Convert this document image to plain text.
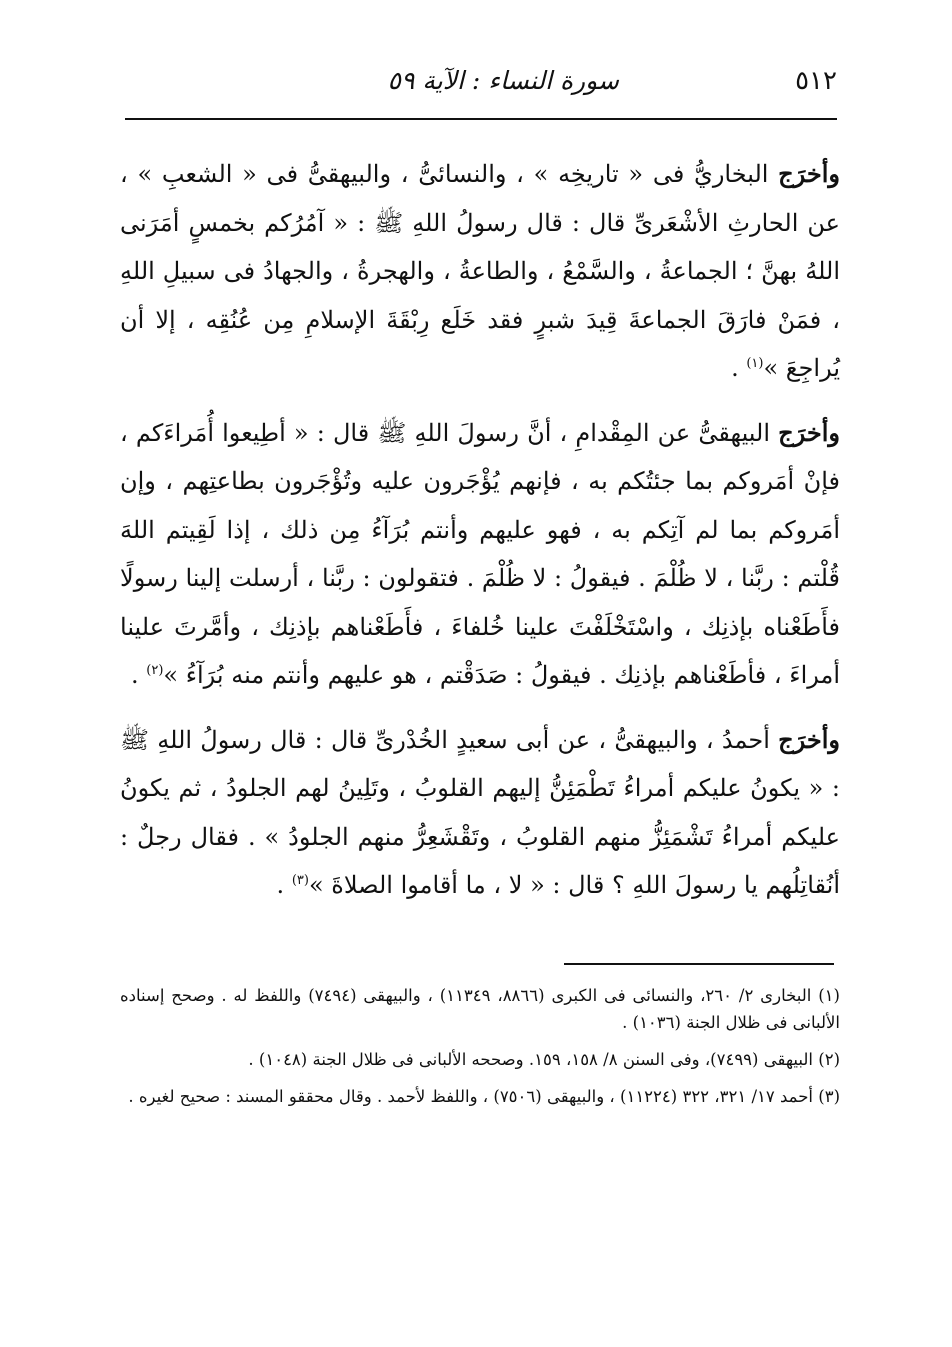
٥١٢
سورة النساء : الآية ٥٩

وأخرَج البخاريُّ فى « تاريخِه » ، والنسائىُّ ، والبيهقىُّ فى « الشعبِ » ، عن الحارثِ الأشْعَرىِّ قال : قال رسولُ اللهِ ﷺ : « آمُرُكم بخمسٍ أمَرَنى اللهُ بهنَّ ؛ الجماعةُ ، والسَّمْعُ ، والطاعةُ ، والهجرةُ ، والجهادُ فى سبيلِ اللهِ ، فمَنْ فارَقَ الجماعةَ قِيدَ شبرٍ فقد خَلَع رِبْقَةَ الإسلامِ مِن عُنُقِه ، إلا أن يُراجِعَ »$^{(١)}$ .

وأخرَج البيهقىُّ عن المِقْدامِ ، أنَّ رسولَ اللهِ ﷺ قال : « أطِيعوا أُمَراءَكم ، فإنْ أمَروكم بما جئتُكم به ، فإنهم يُؤْجَرون عليه وتُؤْجَرون بطاعتِهم ، وإن أمَروكم بما لم آتِكم به ، فهو عليهم وأنتم بُرَآءُ مِن ذلك ، إذا لَقِيتم اللهَ قُلْتم : ربَّنا ، لا ظُلْمَ . فيقولُ : لا ظُلْمَ . فتقولون : ربَّنا ، أرسلت إلينا رسولًا فأَطَعْناه بإذنِك ، واسْتَخْلَفْتَ علينا خُلفاءَ ، فأَطَعْناهم بإذنِك ، وأمَّرتَ علينا أمراءَ ، فأطَعْناهم بإذنِك . فيقولُ : صَدَقْتم ، هو عليهم وأنتم منه بُرَآءُ »$^{(٢)}$ .

وأخرَج أحمدُ ، والبيهقىُّ ، عن أبى سعيدٍ الخُدْرىِّ قال : قال رسولُ اللهِ ﷺ : « يكونُ عليكم أمراءُ تَطْمَئِنُّ إليهم القلوبُ ، وتَلِينُ لهم الجلودُ ، ثم يكونُ عليكم أمراءُ تَشْمَئِزُّ منهم القلوبُ ، وتَقْشَعِرُّ منهم الجلودُ » . فقال رجلٌ : أنُقاتِلُهم يا رسولَ اللهِ ؟ قال : « لا ، ما أقاموا الصلاةَ »$^{(٣)}$ .

(١) البخارى ٢/ ٢٦٠، والنسائى فى الكبرى (٨٨٦٦، ١١٣٤٩) ، والبيهقى (٧٤٩٤) واللفظ له . وصحح إسناده الألبانى فى ظلال الجنة (١٠٣٦) .

(٢) البيهقى (٧٤٩٩)، وفى السنن ٨/ ١٥٨، ١٥٩. وصححه الألبانى فى ظلال الجنة (١٠٤٨) .

(٣) أحمد ١٧/ ٣٢١، ٣٢٢ (١١٢٢٤) ، والبيهقى (٧٥٠٦) ، واللفظ لأحمد . وقال محققو المسند : صحيح لغيره .
